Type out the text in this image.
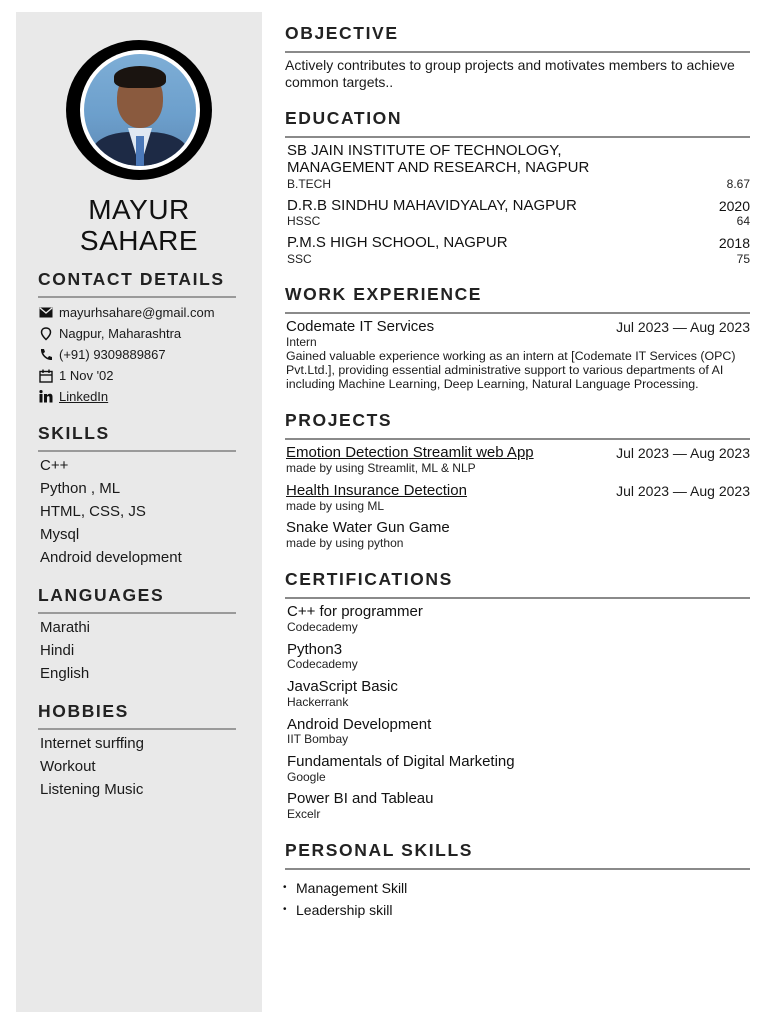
MAYUR
SAHARE
CONTACT DETAILS
mayurhsahare@gmail.com
Nagpur, Maharashtra
(+91) 9309889867
1 Nov '02
LinkedIn
SKILLS
C++
Python , ML
HTML, CSS, JS
Mysql
Android development
LANGUAGES
Marathi
Hindi
English
HOBBIES
Internet surffing
Workout
Listening Music
OBJECTIVE
Actively contributes to group projects and motivates members to achieve
common targets..
EDUCATION
SB JAIN INSTITUTE OF TECHNOLOGY,
MANAGEMENT AND RESEARCH, NAGPUR
B.TECH	8.67
D.R.B SINDHU MAHAVIDYALAY, NAGPUR	2020
HSSC	64
P.M.S HIGH SCHOOL, NAGPUR	2018
SSC	75
WORK EXPERIENCE
Codemate IT Services	Jul 2023 — Aug 2023
Intern
Gained valuable experience working as an intern at [Codemate IT Services (OPC)
Pvt.Ltd.], providing essential administrative support to various departments of AI
including Machine Learning, Deep Learning, Natural Language Processing.
PROJECTS
Emotion Detection Streamlit web App	Jul 2023 — Aug 2023
made by using Streamlit, ML & NLP
Health Insurance Detection	Jul 2023 — Aug 2023
made by using ML
Snake Water Gun Game
made by using python
CERTIFICATIONS
C++ for programmer
Codecademy
Python3
Codecademy
JavaScript Basic
Hackerrank
Android Development
IIT Bombay
Fundamentals of Digital Marketing
Google
Power BI and Tableau
Excelr
PERSONAL SKILLS
• Management Skill
• Leadership skill
